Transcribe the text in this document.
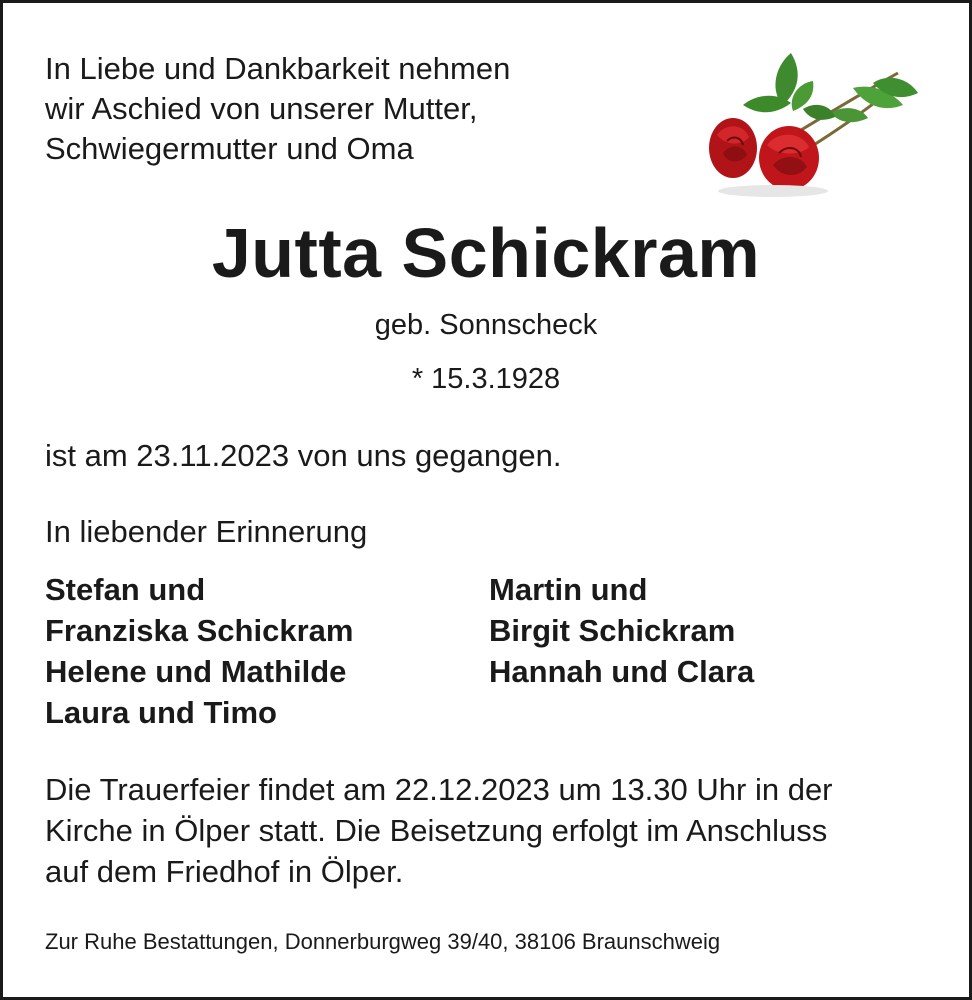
In Liebe und Dankbarkeit nehmen
wir Aschied von unserer Mutter,
Schwiegermutter und Oma
Jutta Schickram
geb. Sonnscheck
* 15.3.1928
ist am 23.11.2023 von uns gegangen.
In liebender Erinnerung
Stefan und
Franziska Schickram
Helene und Mathilde
Laura und Timo
Martin und
Birgit Schickram
Hannah und Clara
Die Trauerfeier findet am 22.12.2023 um 13.30 Uhr in der
Kirche in Ölper statt. Die Beisetzung erfolgt im Anschluss
auf dem Friedhof in Ölper.
Zur Ruhe Bestattungen, Donnerburgweg 39/40, 38106 Braunschweig
